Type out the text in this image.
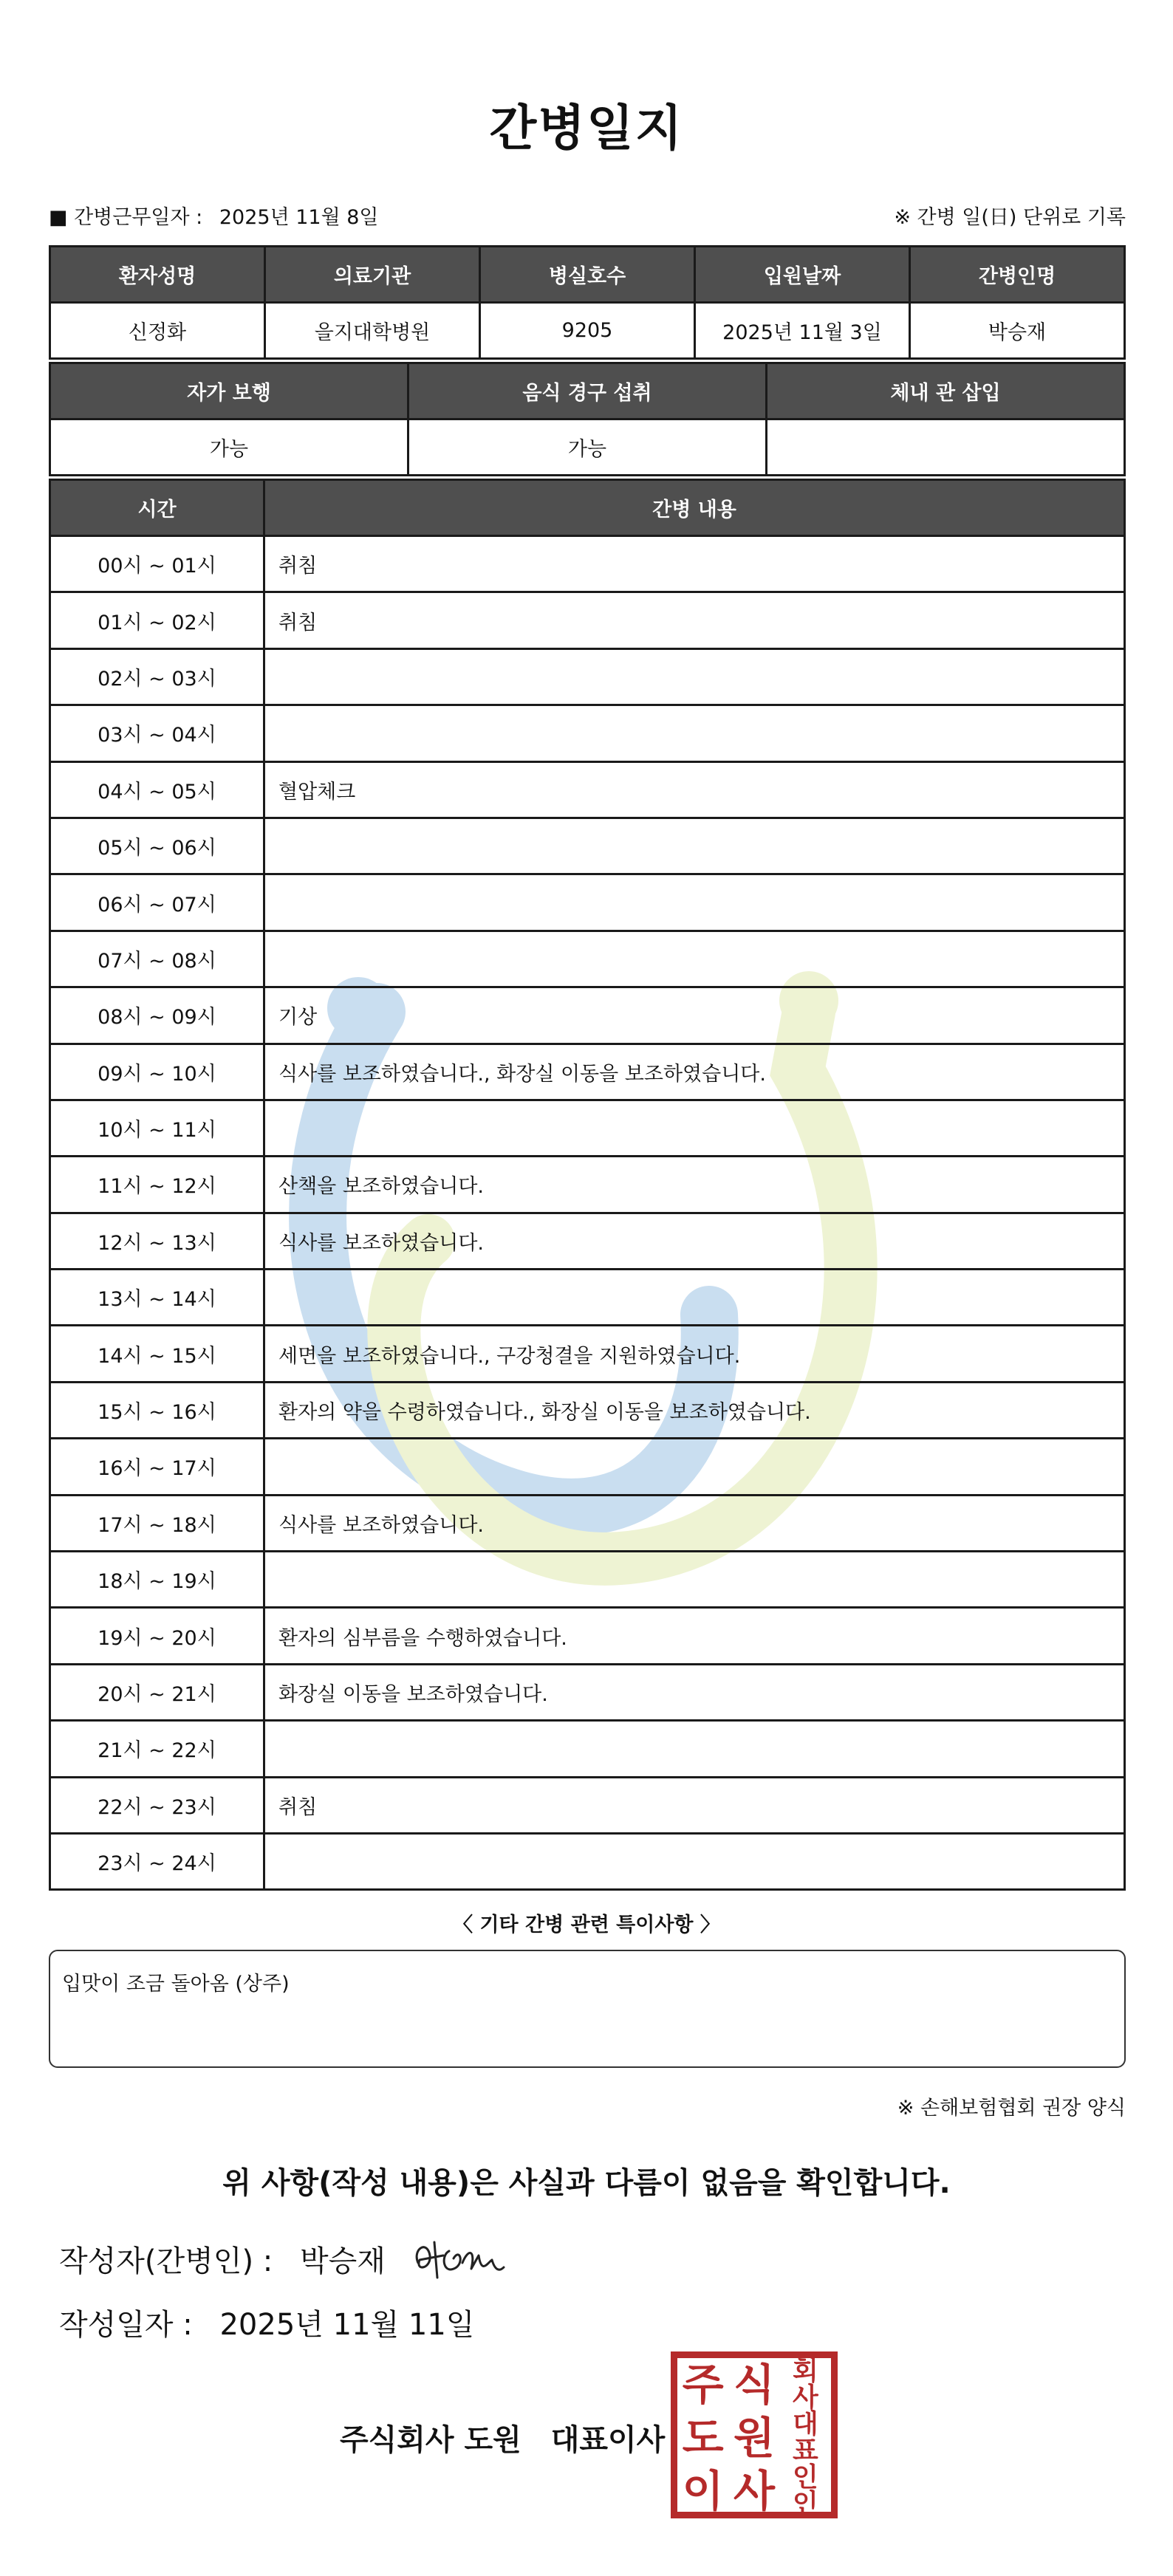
간병일지
■ 간병근무일자 : 2025년 11월 8일	※ 간병 일(日) 단위로 기록
환자성명	의료기관	병실호수	입원날짜	간병인명
신정화	을지대학병원	9205	2025년 11월 3일	박승재
자가 보행	음식 경구 섭취	체내 관 삽입
가능	가능	
시간	간병 내용
00시 ~ 01시	취침
01시 ~ 02시	취침
02시 ~ 03시	
03시 ~ 04시	
04시 ~ 05시	혈압체크
05시 ~ 06시	
06시 ~ 07시	
07시 ~ 08시	
08시 ~ 09시	기상
09시 ~ 10시	식사를 보조하였습니다., 화장실 이동을 보조하였습니다.
10시 ~ 11시	
11시 ~ 12시	산책을 보조하였습니다.
12시 ~ 13시	식사를 보조하였습니다.
13시 ~ 14시	
14시 ~ 15시	세면을 보조하였습니다., 구강청결을 지원하였습니다.
15시 ~ 16시	환자의 약을 수령하였습니다., 화장실 이동을 보조하였습니다.
16시 ~ 17시	
17시 ~ 18시	식사를 보조하였습니다.
18시 ~ 19시	
19시 ~ 20시	환자의 심부름을 수행하였습니다.
20시 ~ 21시	화장실 이동을 보조하였습니다.
21시 ~ 22시	
22시 ~ 23시	취침
23시 ~ 24시	
〈 기타 간병 관련 특이사항 〉
입맛이 조금 돌아옴 (상주)
※ 손해보험협회 권장 양식
위 사항(작성 내용)은 사실과 다름이 없음을 확인합니다.
작성자(간병인) : 박승재
작성일자 : 2025년 11월 11일
주식회사 도원 대표이사
주 식 회사
도 원 대표
이 사 인인
